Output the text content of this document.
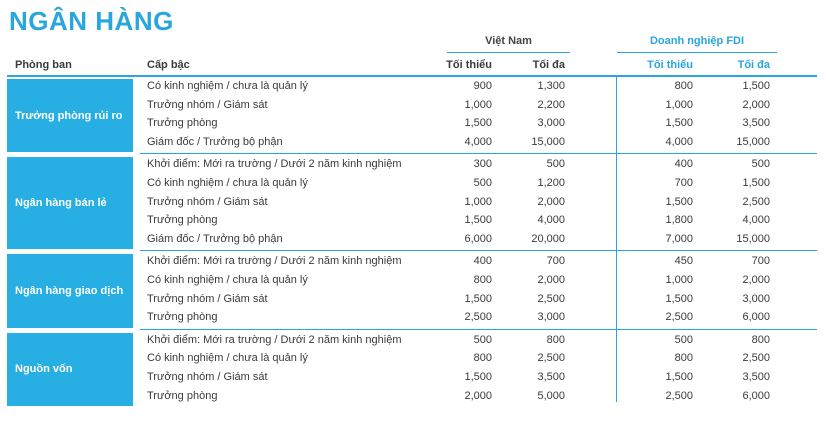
NGÂN HÀNG
Việt Nam	Doanh nghiệp FDI
Phòng ban	Cấp bậc	Tối thiểu	Tối đa	Tối thiểu	Tối đa
Trưởng phòng rủi ro
Có kinh nghiệm / chưa là quản lý	900	1,300	800	1,500
Trưởng nhóm / Giám sát	1,000	2,200	1,000	2,000
Trưởng phòng	1,500	3,000	1,500	3,500
Giám đốc / Trưởng bộ phận	4,000	15,000	4,000	15,000
Ngân hàng bán lẻ
Khởi điểm: Mới ra trường / Dưới 2 năm kinh nghiệm	300	500	400	500
Có kinh nghiệm / chưa là quản lý	500	1,200	700	1,500
Trưởng nhóm / Giám sát	1,000	2,000	1,500	2,500
Trưởng phòng	1,500	4,000	1,800	4,000
Giám đốc / Trưởng bộ phận	6,000	20,000	7,000	15,000
Ngân hàng giao dịch
Khởi điểm: Mới ra trường / Dưới 2 năm kinh nghiệm	400	700	450	700
Có kinh nghiệm / chưa là quản lý	800	2,000	1,000	2,000
Trưởng nhóm / Giám sát	1,500	2,500	1,500	3,000
Trưởng phòng	2,500	3,000	2,500	6,000
Nguồn vốn
Khởi điểm: Mới ra trường / Dưới 2 năm kinh nghiệm	500	800	500	800
Có kinh nghiệm / chưa là quản lý	800	2,500	800	2,500
Trưởng nhóm / Giám sát	1,500	3,500	1,500	3,500
Trưởng phòng	2,000	5,000	2,500	6,000
